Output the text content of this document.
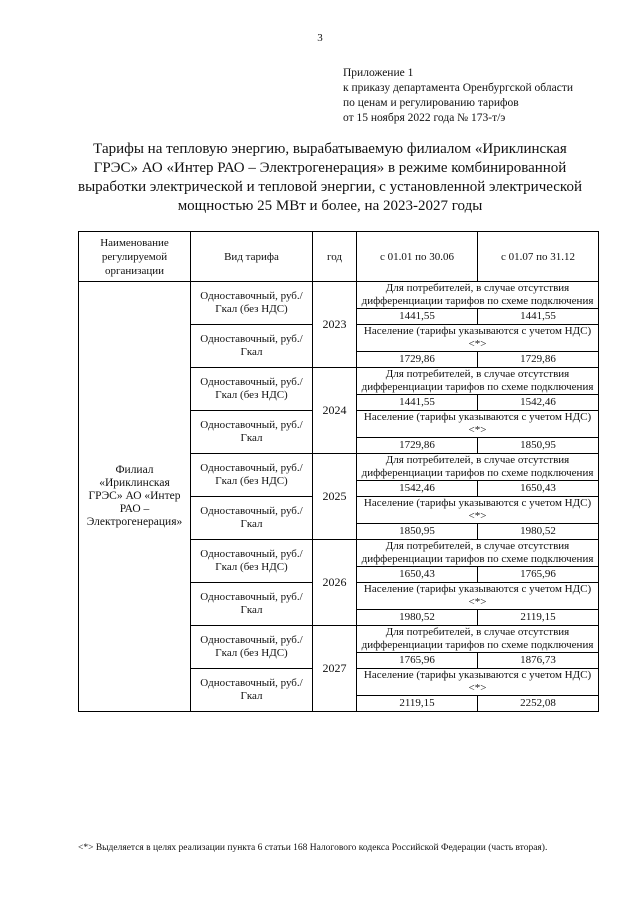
3
Приложение 1
к приказу департамента Оренбургской области
по ценам и регулированию тарифов
от 15 ноября 2022 года № 173-т/э
Тарифы на тепловую энергию, вырабатываемую филиалом «Ириклинская ГРЭС» АО «Интер РАО – Электрогенерация» в режиме комбинированной выработки электрической и тепловой энергии, с установленной электрической мощностью 25 МВт и более, на 2023-2027 годы
Наименование регулируемой организации	Вид тарифа	год	с 01.01 по 30.06	с 01.07 по 31.12
Филиал «Ириклинская ГРЭС» АО «Интер РАО – Электрогенерация»	Одноставочный, руб./Гкал (без НДС)	2023	Для потребителей, в случае отсутствия дифференциации тарифов по схеме подключения	
			1441,55	1441,55
	Одноставочный, руб./Гкал		Население (тарифы указываются с учетом НДС) <*>	
			1729,86	1729,86
	Одноставочный, руб./Гкал (без НДС)	2024	Для потребителей, в случае отсутствия дифференциации тарифов по схеме подключения	
			1441,55	1542,46
	Одноставочный, руб./Гкал		Население (тарифы указываются с учетом НДС) <*>	
			1729,86	1850,95
	Одноставочный, руб./Гкал (без НДС)	2025	Для потребителей, в случае отсутствия дифференциации тарифов по схеме подключения	
			1542,46	1650,43
	Одноставочный, руб./Гкал		Население (тарифы указываются с учетом НДС) <*>	
			1850,95	1980,52
	Одноставочный, руб./Гкал (без НДС)	2026	Для потребителей, в случае отсутствия дифференциации тарифов по схеме подключения	
			1650,43	1765,96
	Одноставочный, руб./Гкал		Население (тарифы указываются с учетом НДС) <*>	
			1980,52	2119,15
	Одноставочный, руб./Гкал (без НДС)	2027	Для потребителей, в случае отсутствия дифференциации тарифов по схеме подключения	
			1765,96	1876,73
	Одноставочный, руб./Гкал		Население (тарифы указываются с учетом НДС) <*>	
			2119,15	2252,08
<*> Выделяется в целях реализации пункта 6 статьи 168 Налогового кодекса Российской Федерации (часть вторая).
